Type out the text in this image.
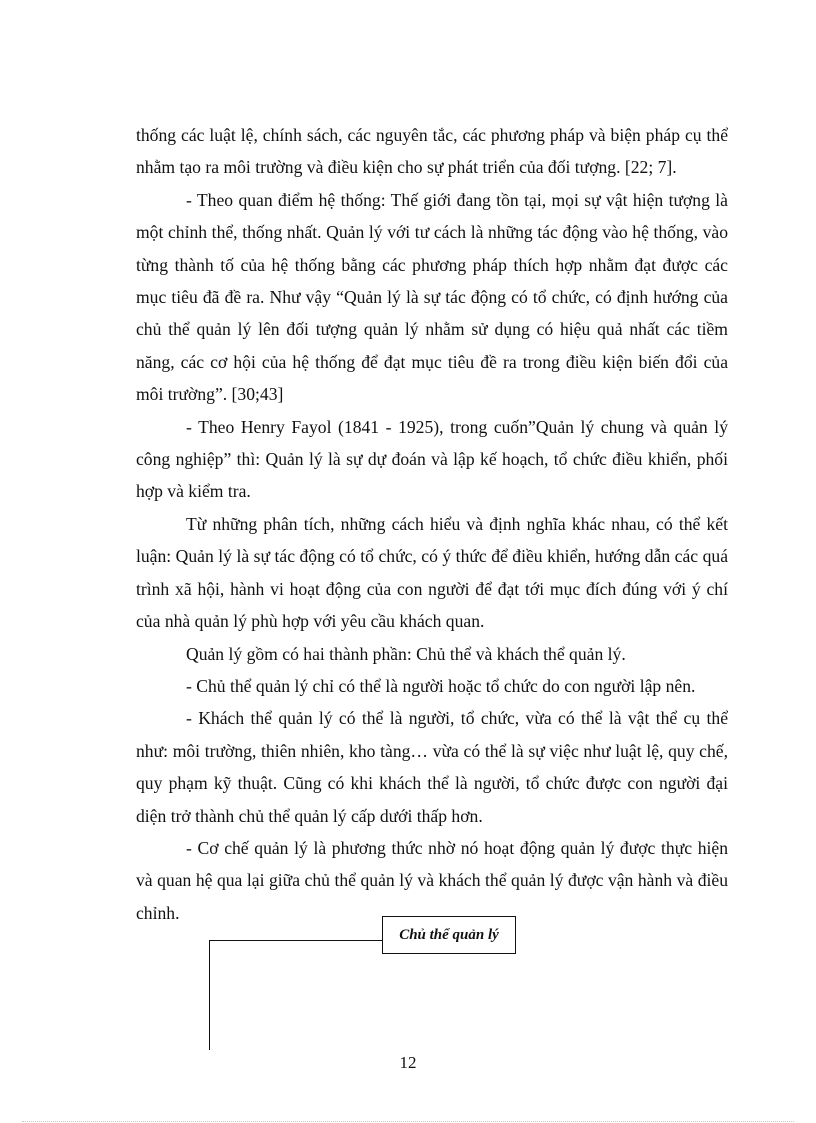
thống các luật lệ, chính sách, các nguyên tắc, các phương pháp và biện pháp cụ thể nhằm tạo ra môi trường và điều kiện cho sự phát triển của đối tượng. [22; 7].

- Theo quan điểm hệ thống: Thế giới đang tồn tại, mọi sự vật hiện tượng là một chỉnh thể, thống nhất. Quản lý với tư cách là những tác động vào hệ thống, vào từng thành tố của hệ thống bằng các phương pháp thích hợp nhằm đạt được các mục tiêu đã đề ra. Như vậy “Quản lý là sự tác động có tổ chức, có định hướng của chủ thể quản lý lên đối tượng quản lý nhằm sử dụng có hiệu quả nhất các tiềm năng, các cơ hội của hệ thống để đạt mục tiêu đề ra trong điều kiện biến đổi của môi trường”. [30;43]

- Theo Henry Fayol (1841 - 1925), trong cuốn”Quản lý chung và quản lý công nghiệp” thì: Quản lý là sự dự đoán và lập kế hoạch, tổ chức điều khiển, phối hợp và kiểm tra.

Từ những phân tích, những cách hiểu và định nghĩa khác nhau, có thể kết luận: Quản lý là sự tác động có tổ chức, có ý thức để điều khiển, hướng dẫn các quá trình xã hội, hành vi hoạt động của con người để đạt tới mục đích đúng với ý chí của nhà quản lý phù hợp với yêu cầu khách quan.

Quản lý gồm có hai thành phần: Chủ thể và khách thể quản lý.

- Chủ thể quản lý chỉ có thể là người hoặc tổ chức do con người lập nên.

- Khách thể quản lý có thể là người, tổ chức, vừa có thể là vật thể cụ thể như: môi trường, thiên nhiên, kho tàng… vừa có thể là sự việc như luật lệ, quy chế, quy phạm kỹ thuật. Cũng có khi khách thể là người, tổ chức được con người đại diện trở thành chủ thể quản lý cấp dưới thấp hơn.

- Cơ chế quản lý là phương thức nhờ nó hoạt động quản lý được thực hiện và quan hệ qua lại giữa chủ thể quản lý và khách thể quản lý được vận hành và điều chỉnh.

Chủ thể quản lý
12
